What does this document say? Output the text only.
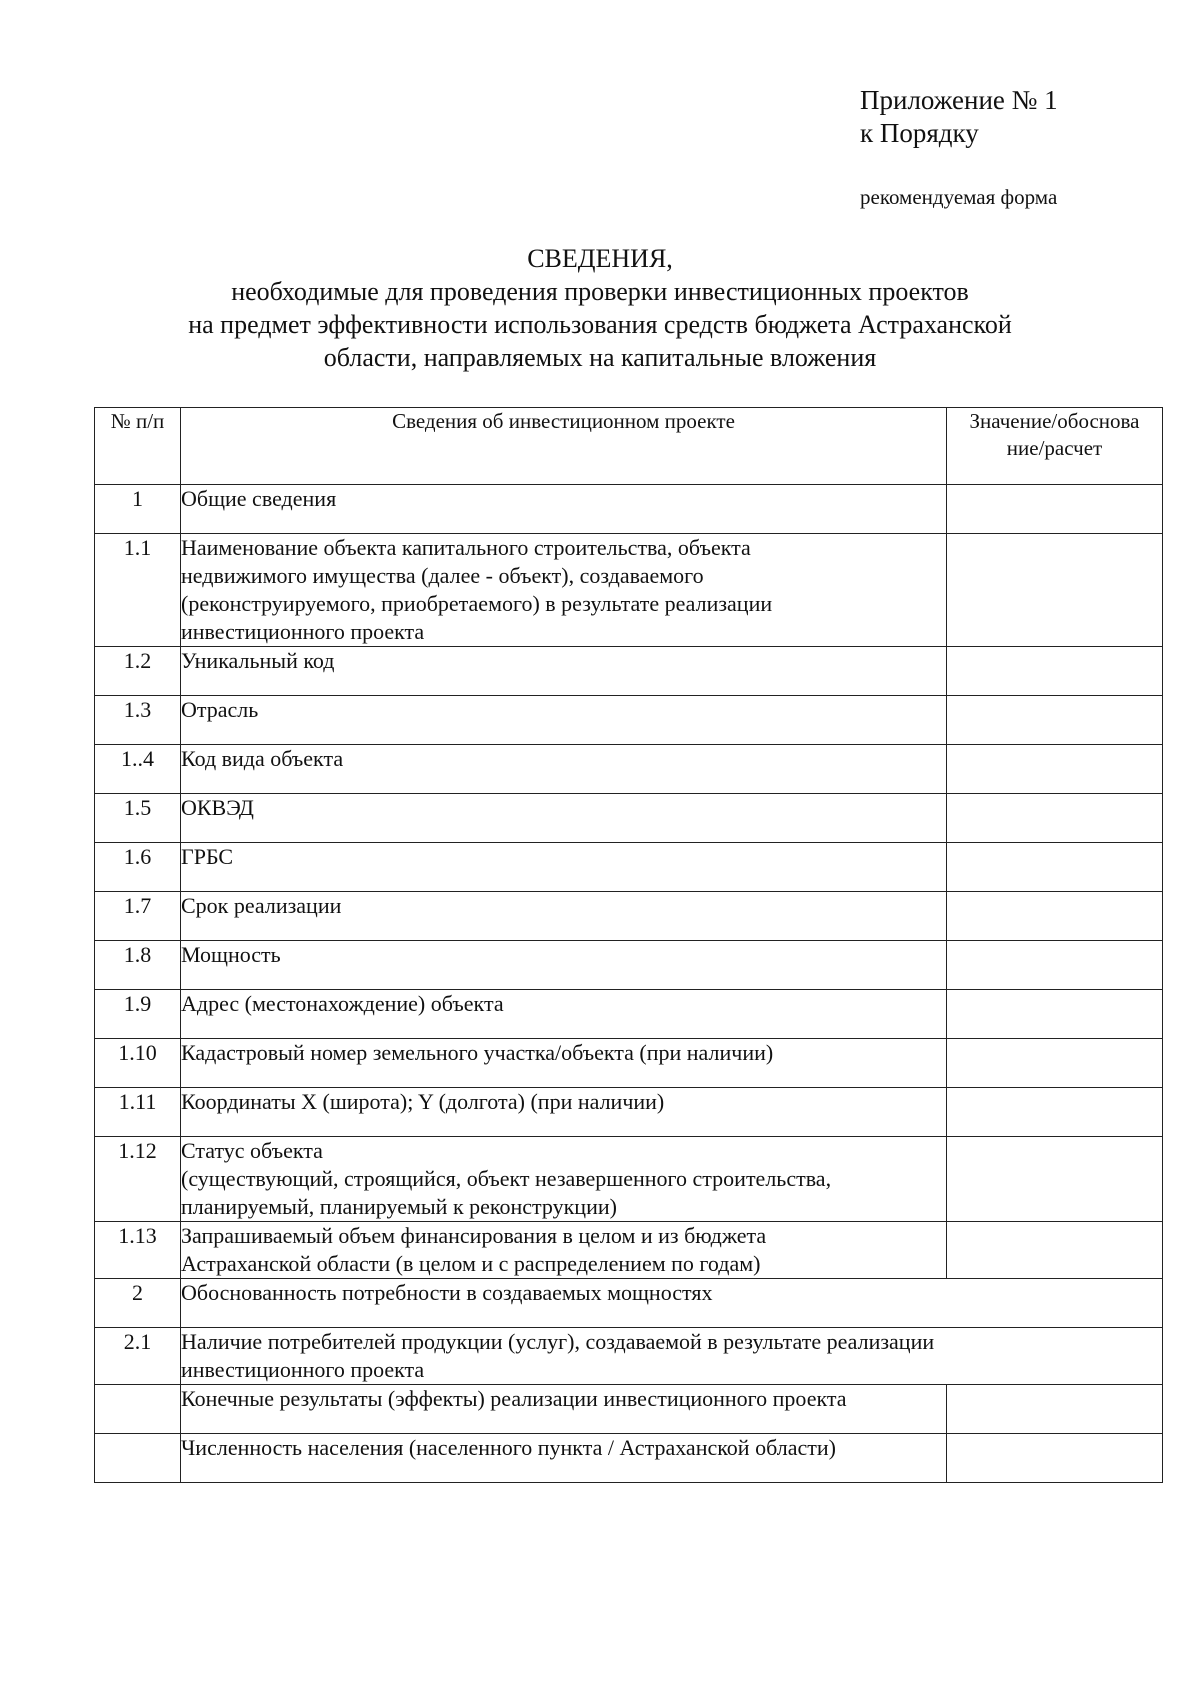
Приложение № 1
к Порядку
рекомендуемая форма
СВЕДЕНИЯ,
необходимые для проведения проверки инвестиционных проектов
на предмет эффективности использования средств бюджета Астраханской
области, направляемых на капитальные вложения
№ п/п	Сведения об инвестиционном проекте	Значение/обоснова
ние/расчет

1	Общие сведения	

1.1	Наименование объекта капитального строительства, объекта
недвижимого имущества (далее - объект), создаваемого
(реконструируемого, приобретаемого) в результате реализации
инвестиционного проекта	

1.2	Уникальный код	

1.3	Отрасль	

1..4	Код вида объекта	

1.5	ОКВЭД	

1.6	ГРБС	

1.7	Срок реализации	

1.8	Мощность	

1.9	Адрес (местонахождение) объекта	

1.10	Кадастровый номер земельного участка/объекта (при наличии)	

1.11	Координаты X (широта); Y (долгота) (при наличии)	

1.12	Статус объекта
(существующий, строящийся, объект незавершенного строительства,
планируемый, планируемый к реконструкции)	

1.13	Запрашиваемый объем финансирования в целом и из бюджета
Астраханской области (в целом и с распределением по годам)	

2	Обоснованность потребности в создаваемых мощностях	

2.1	Наличие потребителей продукции (услуг), создаваемой в результате реализации
инвестиционного проекта	

	Конечные результаты (эффекты) реализации инвестиционного проекта	

	Численность населения (населенного пункта / Астраханской области)	
